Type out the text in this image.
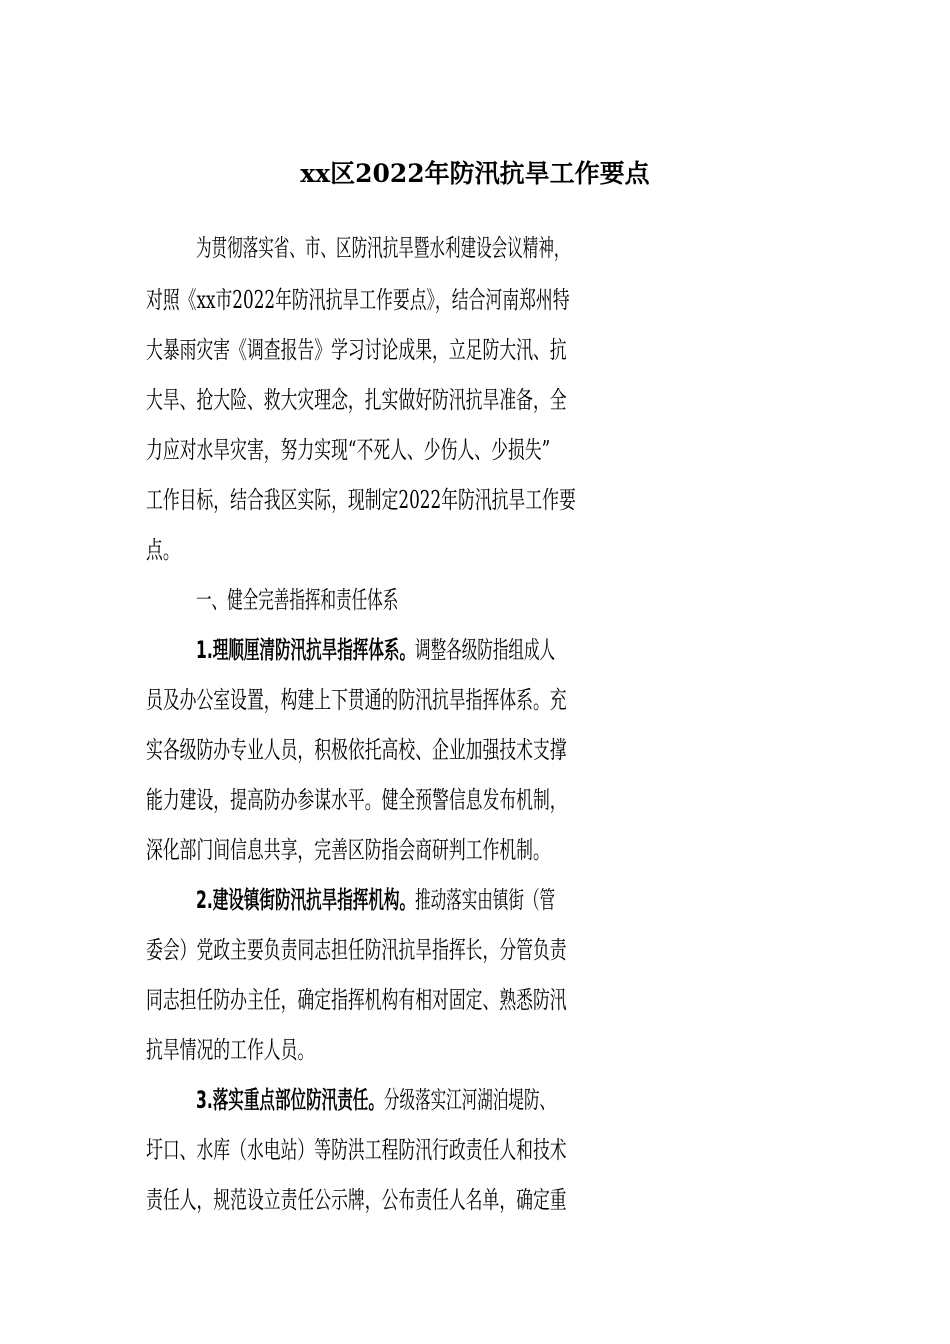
xx区2022年防汛抗旱工作要点
为贯彻落实省、市、区防汛抗旱暨水利建设会议精神，
对照《xx市2022年防汛抗旱工作要点》，结合河南郑州特
大暴雨灾害《调查报告》学习讨论成果，立足防大汛、抗
大旱、抢大险、救大灾理念，扎实做好防汛抗旱准备，全
力应对水旱灾害，努力实现“不死人、少伤人、少损失”
工作目标，结合我区实际，现制定2022年防汛抗旱工作要
点。
一、健全完善指挥和责任体系
1.理顺厘清防汛抗旱指挥体系。调整各级防指组成人
员及办公室设置，构建上下贯通的防汛抗旱指挥体系。充
实各级防办专业人员，积极依托高校、企业加强技术支撑
能力建设，提高防办参谋水平。健全预警信息发布机制，
深化部门间信息共享，完善区防指会商研判工作机制。
2.建设镇街防汛抗旱指挥机构。推动落实由镇街（管
委会）党政主要负责同志担任防汛抗旱指挥长，分管负责
同志担任防办主任，确定指挥机构有相对固定、熟悉防汛
抗旱情况的工作人员。
3.落实重点部位防汛责任。分级落实江河湖泊堤防、
圩口、水库（水电站）等防洪工程防汛行政责任人和技术
责任人，规范设立责任公示牌，公布责任人名单，确定重
